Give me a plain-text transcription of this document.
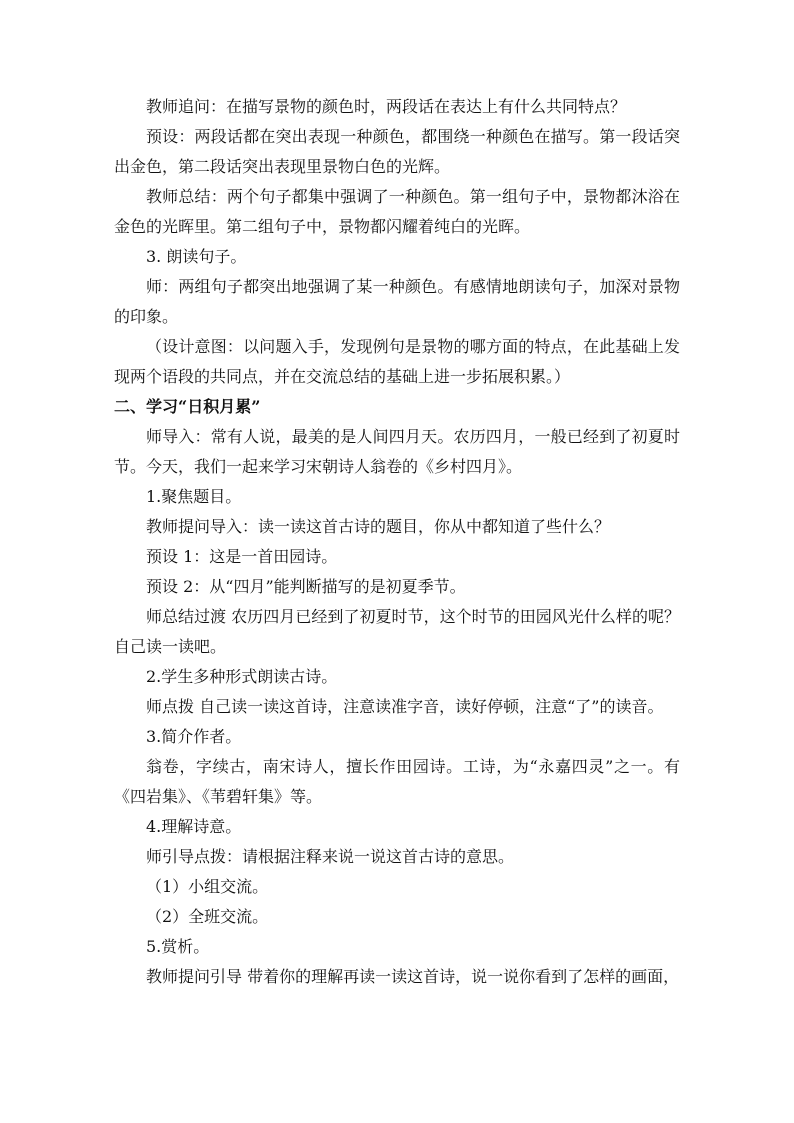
教师追问：在描写景物的颜色时，两段话在表达上有什么共同特点？

预设：两段话都在突出表现一种颜色，都围绕一种颜色在描写。第一段话突出金色，第二段话突出表现里景物白色的光辉。

教师总结：两个句子都集中强调了一种颜色。第一组句子中，景物都沐浴在金色的光晖里。第二组句子中，景物都闪耀着纯白的光晖。

3. 朗读句子。

师：两组句子都突出地强调了某一种颜色。有感情地朗读句子，加深对景物的印象。

（设计意图：以问题入手，发现例句是景物的哪方面的特点，在此基础上发现两个语段的共同点，并在交流总结的基础上进一步拓展积累。）

二、学习“日积月累”

师导入：常有人说，最美的是人间四月天。农历四月，一般已经到了初夏时节。今天，我们一起来学习宋朝诗人翁卷的《乡村四月》。

1.聚焦题目。

教师提问导入：读一读这首古诗的题目，你从中都知道了些什么？

预设 1：这是一首田园诗。

预设 2：从“四月”能判断描写的是初夏季节。

师总结过渡 农历四月已经到了初夏时节，这个时节的田园风光什么样的呢？自己读一读吧。

2.学生多种形式朗读古诗。

师点拨 自己读一读这首诗，注意读准字音，读好停顿，注意“了”的读音。

3.简介作者。

翁卷，字续古，南宋诗人，擅长作田园诗。工诗，为“永嘉四灵”之一。有《四岩集》、《苇碧轩集》等。

4.理解诗意。

师引导点拨：请根据注释来说一说这首古诗的意思。

（1）小组交流。

（2）全班交流。

5.赏析。

教师提问引导 带着你的理解再读一读这首诗，说一说你看到了怎样的画面，
